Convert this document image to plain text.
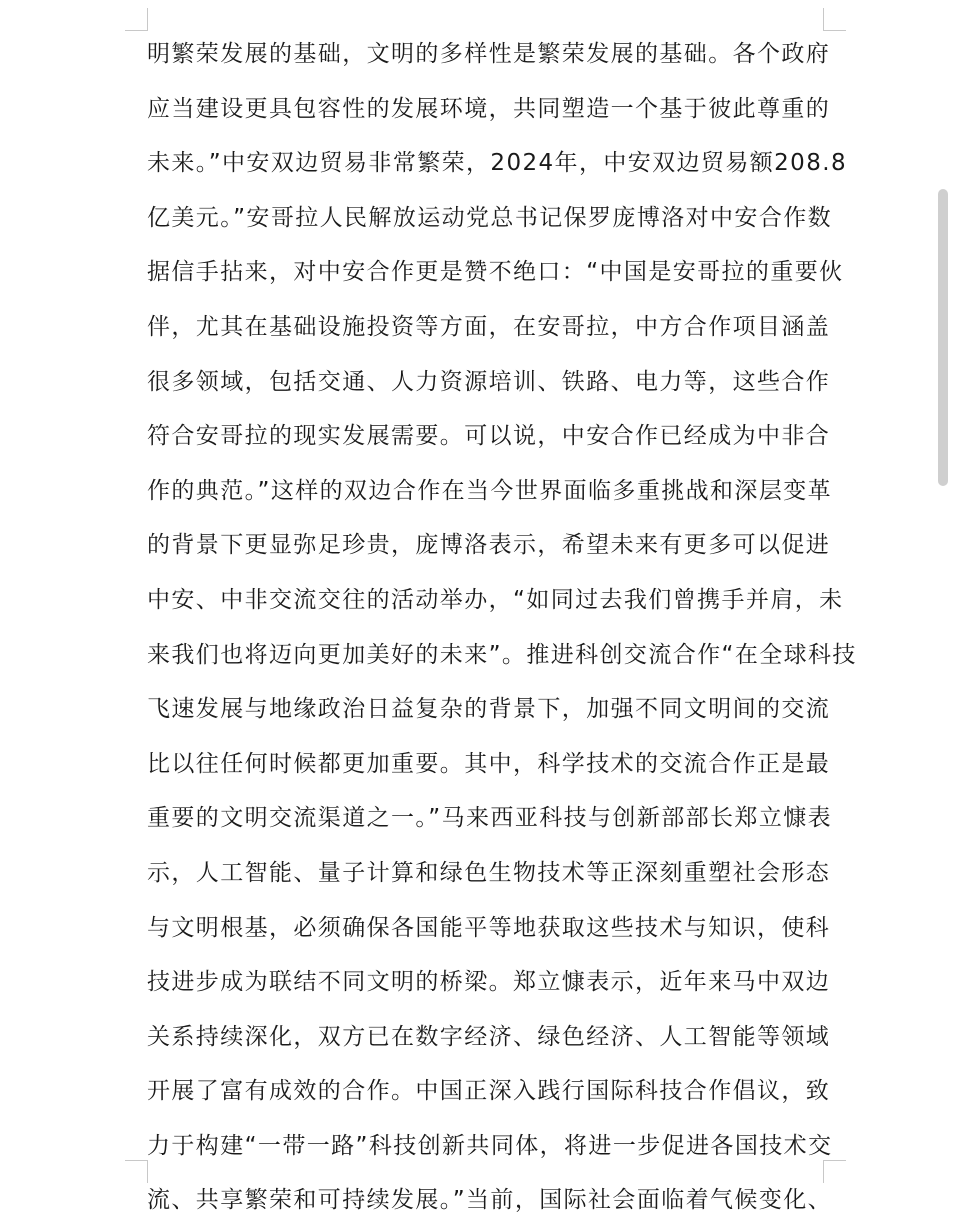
明繁荣发展的基础，文明的多样性是繁荣发展的基础。各个政府
应当建设更具包容性的发展环境，共同塑造一个基于彼此尊重的
未来。”中安双边贸易非常繁荣，2024年，中安双边贸易额208.8
亿美元。”安哥拉人民解放运动党总书记保罗庞博洛对中安合作数
据信手拈来，对中安合作更是赞不绝口：“中国是安哥拉的重要伙
伴，尤其在基础设施投资等方面，在安哥拉，中方合作项目涵盖
很多领域，包括交通、人力资源培训、铁路、电力等，这些合作
符合安哥拉的现实发展需要。可以说，中安合作已经成为中非合
作的典范。”这样的双边合作在当今世界面临多重挑战和深层变革
的背景下更显弥足珍贵，庞博洛表示，希望未来有更多可以促进
中安、中非交流交往的活动举办，“如同过去我们曾携手并肩，未
来我们也将迈向更加美好的未来”。推进科创交流合作“在全球科技
飞速发展与地缘政治日益复杂的背景下，加强不同文明间的交流
比以往任何时候都更加重要。其中，科学技术的交流合作正是最
重要的文明交流渠道之一。”马来西亚科技与创新部部长郑立慷表
示，人工智能、量子计算和绿色生物技术等正深刻重塑社会形态
与文明根基，必须确保各国能平等地获取这些技术与知识，使科
技进步成为联结不同文明的桥梁。郑立慷表示，近年来马中双边
关系持续深化，双方已在数字经济、绿色经济、人工智能等领域
开展了富有成效的合作。中国正深入践行国际科技合作倡议，致
力于构建“一带一路”科技创新共同体，将进一步促进各国技术交
流、共享繁荣和可持续发展。”当前，国际社会面临着气候变化、
